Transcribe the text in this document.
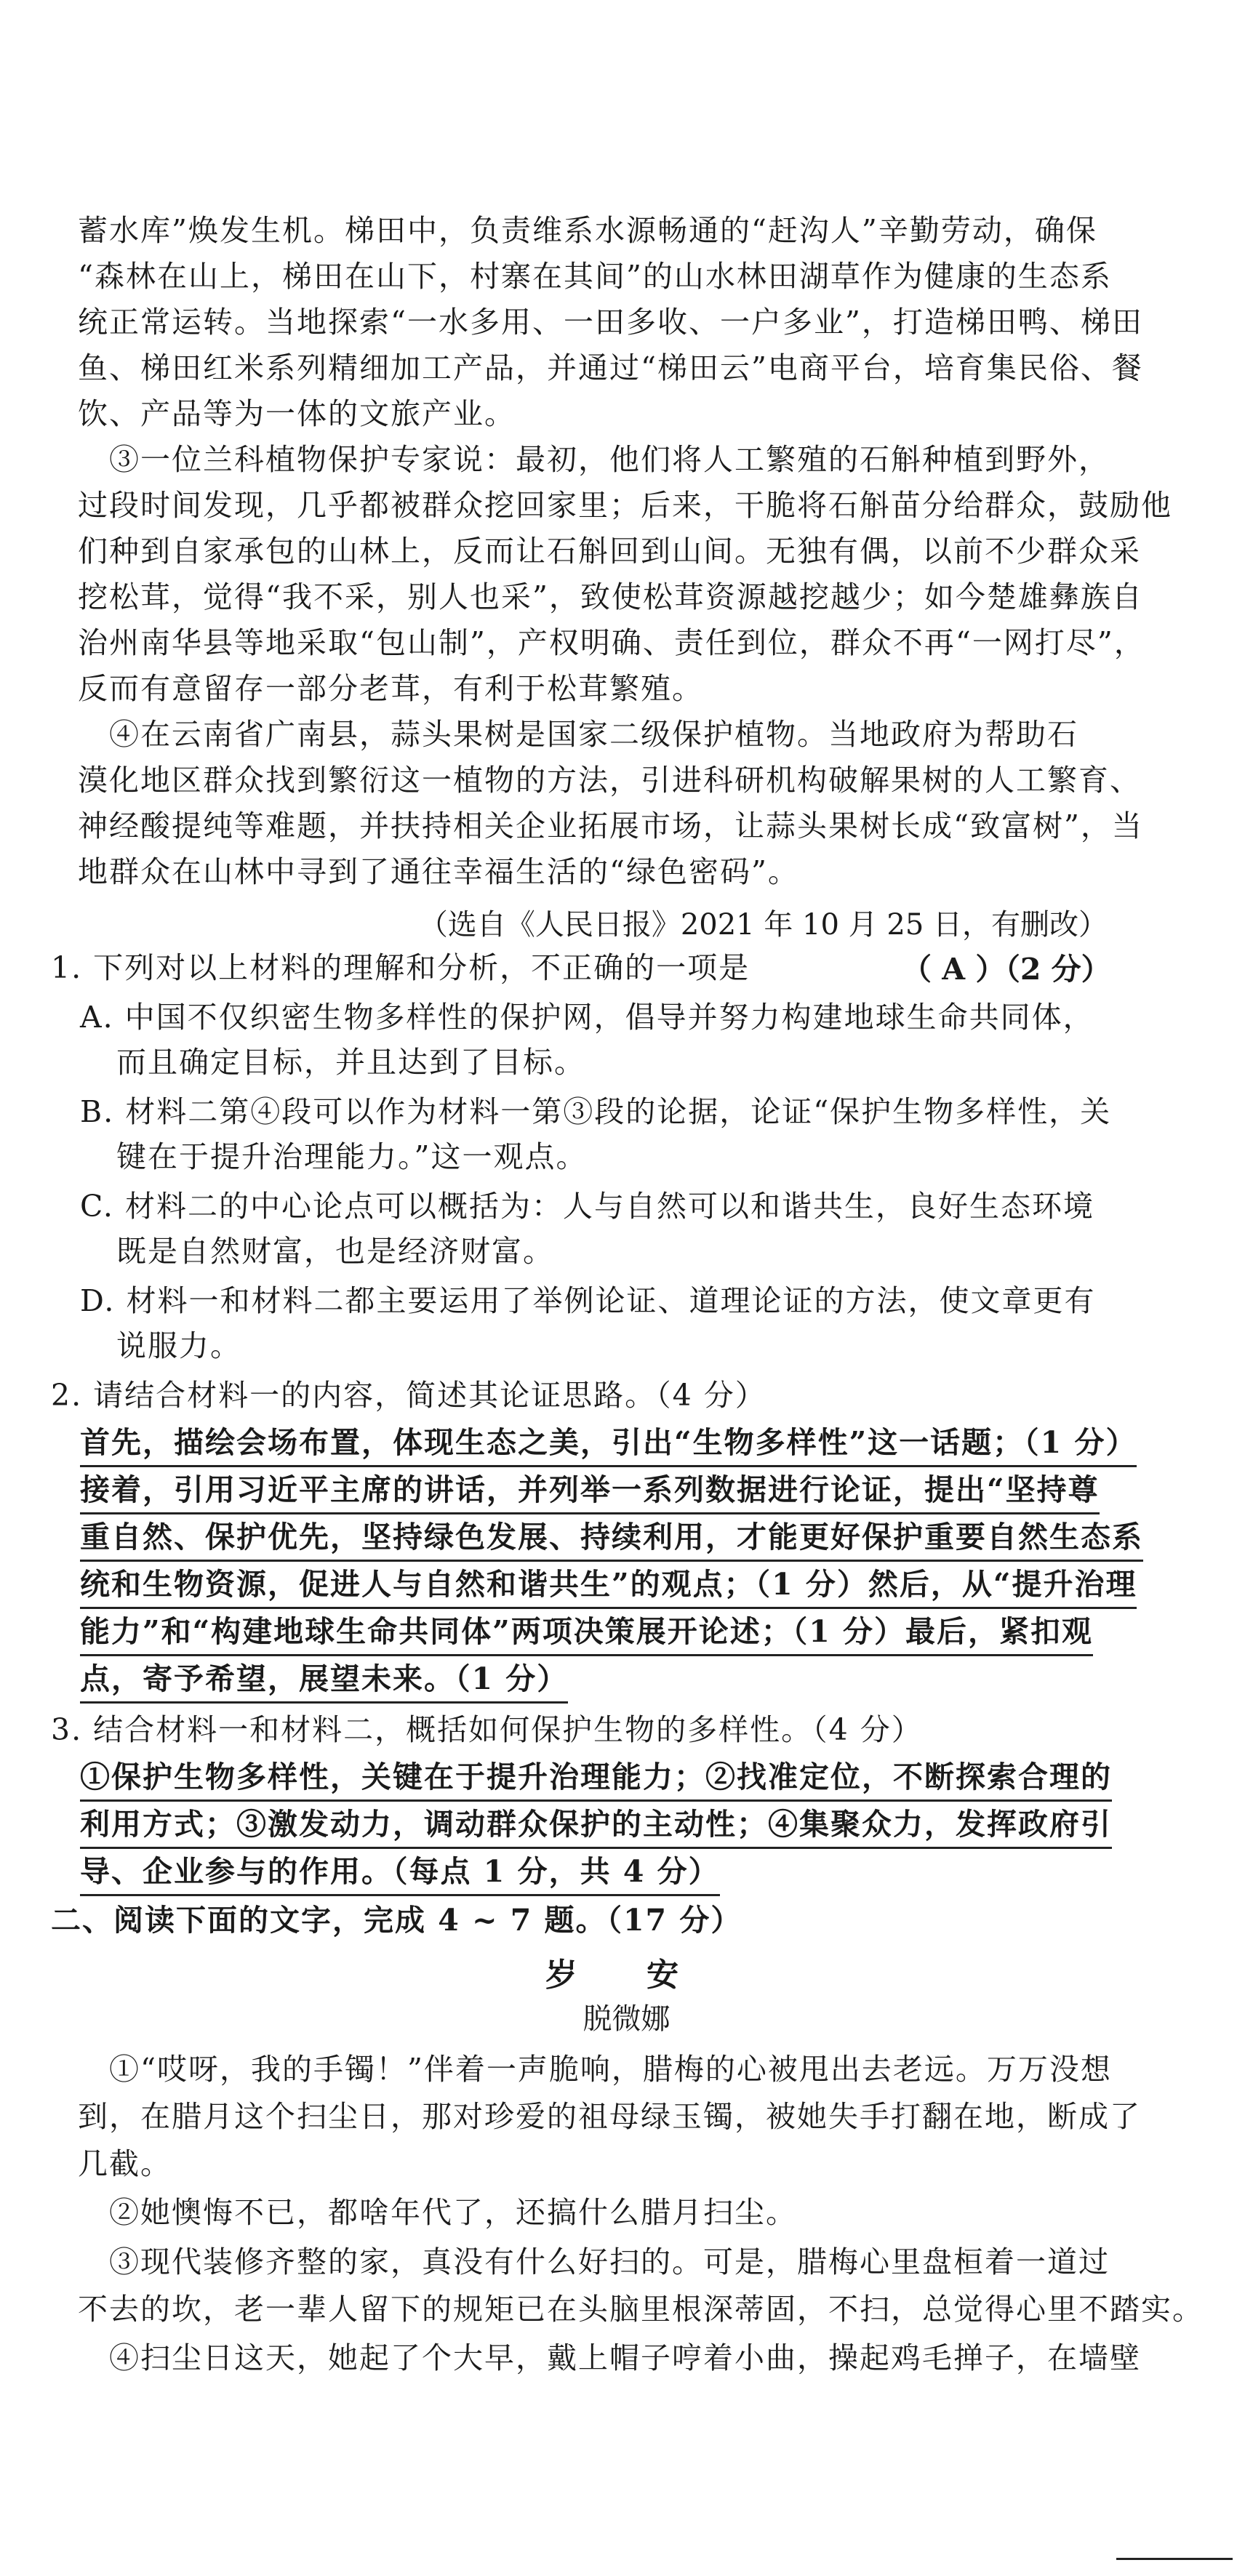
蓄水库”焕发生机。梯田中，负责维系水源畅通的“赶沟人”辛勤劳动，确保
“森林在山上，梯田在山下，村寨在其间”的山水林田湖草作为健康的生态系
统正常运转。当地探索“一水多用、一田多收、一户多业”，打造梯田鸭、梯田
鱼、梯田红米系列精细加工产品，并通过“梯田云”电商平台，培育集民俗、餐
饮、产品等为一体的文旅产业。
③一位兰科植物保护专家说：最初，他们将人工繁殖的石斛种植到野外，
过段时间发现，几乎都被群众挖回家里；后来，干脆将石斛苗分给群众，鼓励他
们种到自家承包的山林上，反而让石斛回到山间。无独有偶，以前不少群众采
挖松茸，觉得“我不采，别人也采”，致使松茸资源越挖越少；如今楚雄彝族自
治州南华县等地采取“包山制”，产权明确、责任到位，群众不再“一网打尽”，
反而有意留存一部分老茸，有利于松茸繁殖。
④在云南省广南县，蒜头果树是国家二级保护植物。当地政府为帮助石
漠化地区群众找到繁衍这一植物的方法，引进科研机构破解果树的人工繁育、
神经酸提纯等难题，并扶持相关企业拓展市场，让蒜头果树长成“致富树”，当
地群众在山林中寻到了通往幸福生活的“绿色密码”。
（选自《人民日报》2021 年 10 月 25 日，有删改）
1. 下列对以上材料的理解和分析，不正确的一项是	（ A ）（2 分）
A. 中国不仅织密生物多样性的保护网，倡导并努力构建地球生命共同体，
而且确定目标，并且达到了目标。
B. 材料二第④段可以作为材料一第③段的论据，论证“保护生物多样性，关
键在于提升治理能力。”这一观点。
C. 材料二的中心论点可以概括为：人与自然可以和谐共生，良好生态环境
既是自然财富，也是经济财富。
D. 材料一和材料二都主要运用了举例论证、道理论证的方法，使文章更有
说服力。
2. 请结合材料一的内容，简述其论证思路。（4 分）
首先，描绘会场布置，体现生态之美，引出“生物多样性”这一话题；（1 分）
接着，引用习近平主席的讲话，并列举一系列数据进行论证，提出“坚持尊
重自然、保护优先，坚持绿色发展、持续利用，才能更好保护重要自然生态系
统和生物资源，促进人与自然和谐共生”的观点；（1 分）然后，从“提升治理
能力”和“构建地球生命共同体”两项决策展开论述；（1 分）最后，紧扣观
点，寄予希望，展望未来。（1 分）
3. 结合材料一和材料二，概括如何保护生物的多样性。（4 分）
①保护生物多样性，关键在于提升治理能力；②找准定位，不断探索合理的
利用方式；③激发动力，调动群众保护的主动性；④集聚众力，发挥政府引
导、企业参与的作用。（每点 1 分，共 4 分）
二、阅读下面的文字，完成 4 ~ 7 题。（17 分）
岁 安
脱微娜
①“哎呀，我的手镯！”伴着一声脆响，腊梅的心被甩出去老远。万万没想
到，在腊月这个扫尘日，那对珍爱的祖母绿玉镯，被她失手打翻在地，断成了
几截。
②她懊悔不已，都啥年代了，还搞什么腊月扫尘。
③现代装修齐整的家，真没有什么好扫的。可是，腊梅心里盘桓着一道过
不去的坎，老一辈人留下的规矩已在头脑里根深蒂固，不扫，总觉得心里不踏实。
④扫尘日这天，她起了个大早，戴上帽子哼着小曲，操起鸡毛掸子，在墙壁
